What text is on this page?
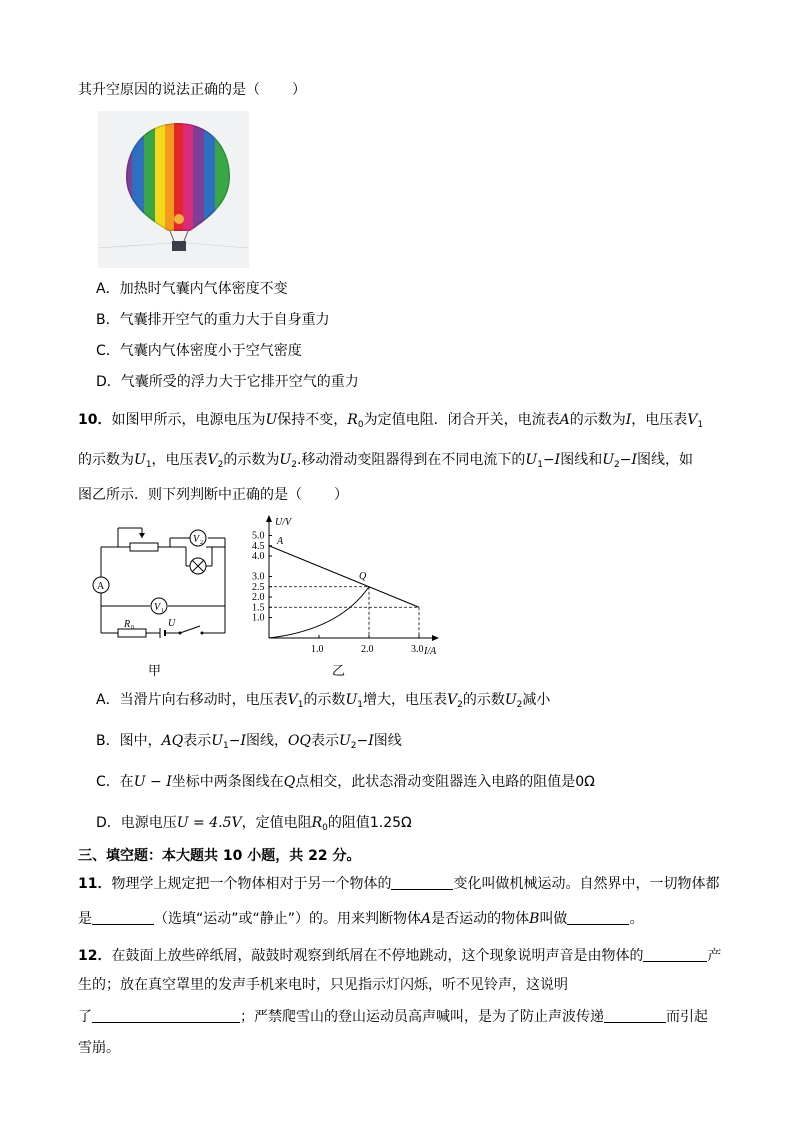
其升空原因的说法正确的是（ ）
A．加热时气囊内气体密度不变
B．气囊排开空气的重力大于自身重力
C．气囊内气体密度小于空气密度
D．气囊所受的浮力大于它排开空气的重力
10．如图甲所示，电源电压为U保持不变，$R_0$为定值电阻．闭合开关，电流表A的示数为I，电压表$V_1$
的示数为$U_1$，电压表$V_2$的示数为$U_2$.移动滑动变阻器得到在不同电流下的$U_1-I$图线和$U_2-I$图线，如
图乙所示．则下列判断中正确的是（ ）
A
V 2
V 1
R 0	U
甲
1.0
1.5
2.0
2.5
3.0
4.0
4.5
5.0
1.0	2.0	3.0
U/V
I/A
A
Q
乙
A．当滑片向右移动时，电压表$V_1$的示数$U_1$增大，电压表$V_2$的示数$U_2$减小
B．图中，AQ表示$U_1-I$图线，OQ表示$U_2-I$图线
C．在U − I坐标中两条图线在Q点相交，此状态滑动变阻器连入电路的阻值是0Ω
D．电源电压U = 4.5V，定值电阻$R_0$的阻值1.25Ω
三、填空题：本大题共 10 小题，共 22 分。
11．物理学上规定把一个物体相对于另一个物体的	变化叫做机械运动。自然界中，一切物体都
是	（选填“运动”或“静止”）的。用来判断物体A是否运动的物体B叫做	。
12．在鼓面上放些碎纸屑，敲鼓时观察到纸屑在不停地跳动，这个现象说明声音是由物体的	产
生的；放在真空罩里的发声手机来电时，只见指示灯闪烁，听不见铃声，这说明
了	；严禁爬雪山的登山运动员高声喊叫，是为了防止声波传递	而引起
雪崩。
